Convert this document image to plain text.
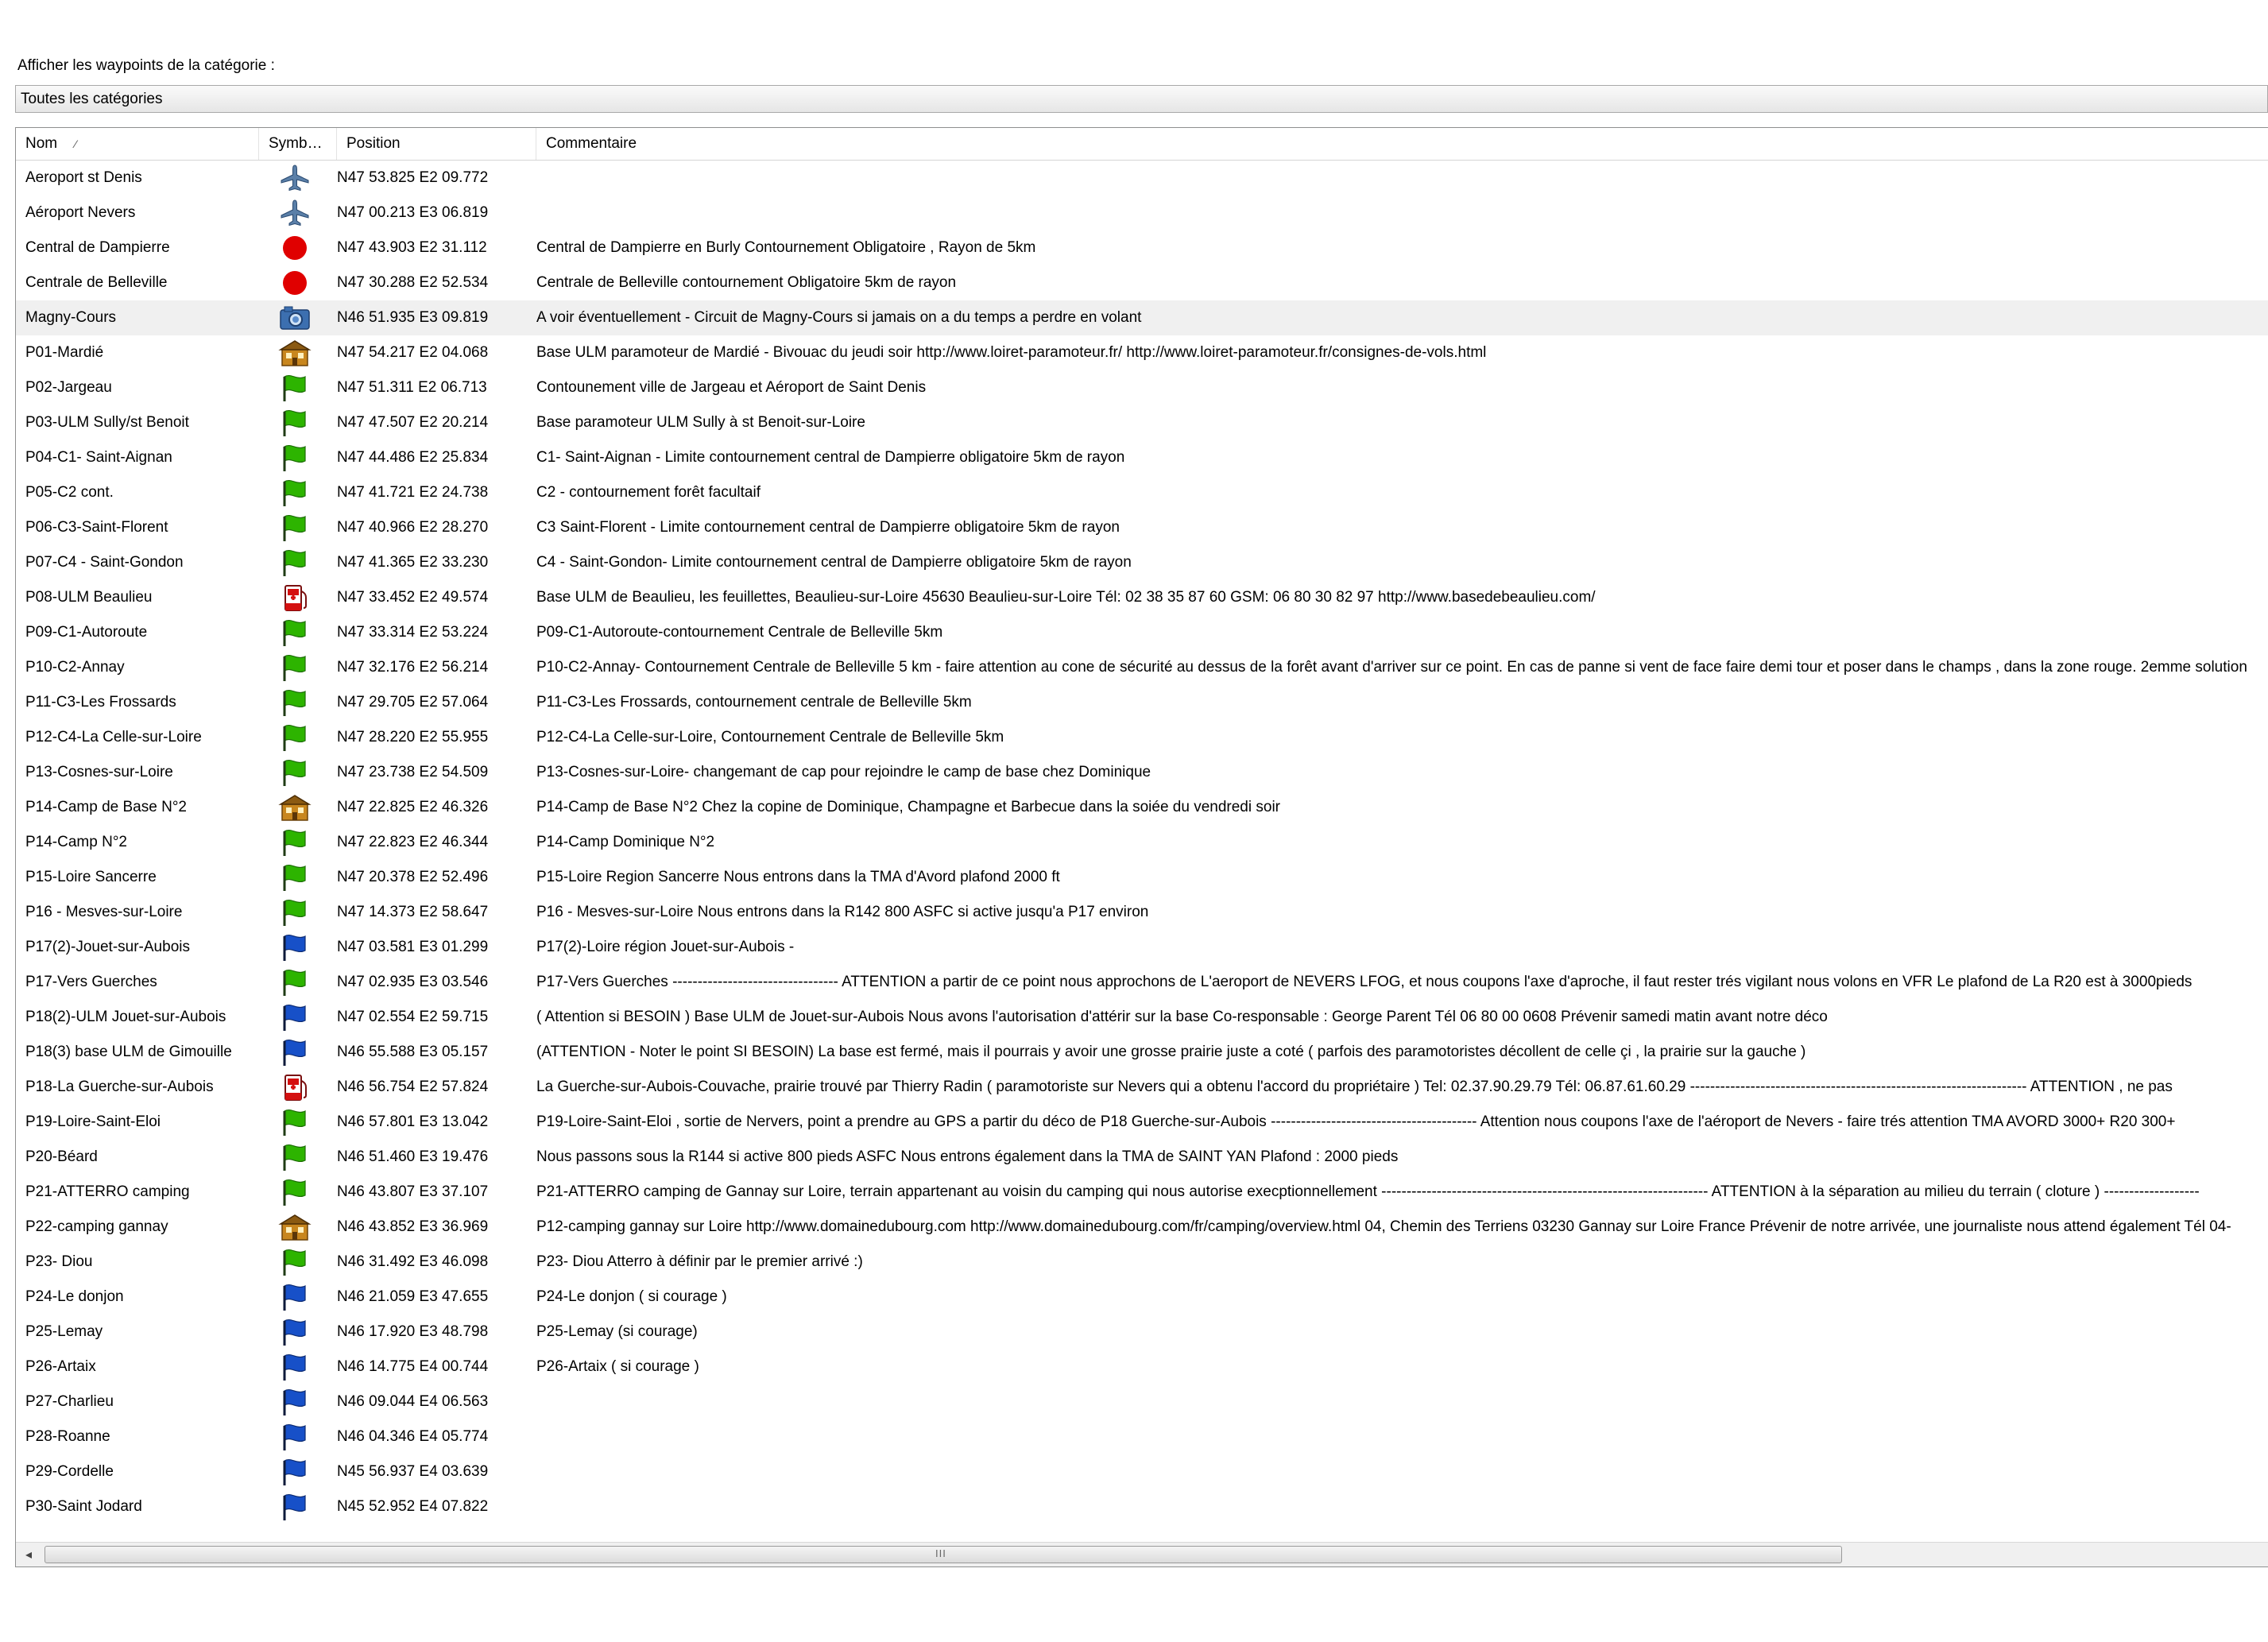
Afficher les waypoints de la catégorie :
Toutes les catégories
Nom ⁄	Symb…	Position	Commentaire
Aeroport st Denis	N47 53.825 E2 09.772
Aéroport Nevers	N47 00.213 E3 06.819
Central de Dampierre	N47 43.903 E2 31.112	Central de Dampierre en Burly Contournement Obligatoire , Rayon de 5km
Centrale de Belleville	N47 30.288 E2 52.534	Centrale de Belleville contournement Obligatoire 5km de rayon
Magny-Cours	N46 51.935 E3 09.819	A voir éventuellement - Circuit de Magny-Cours si jamais on a du temps a perdre en volant
P01-Mardié	N47 54.217 E2 04.068	Base ULM paramoteur de Mardié - Bivouac du jeudi soir http://www.loiret-paramoteur.fr/ http://www.loiret-paramoteur.fr/consignes-de-vols.html
P02-Jargeau	N47 51.311 E2 06.713	Contounement ville de Jargeau et Aéroport de Saint Denis
P03-ULM Sully/st Benoit	N47 47.507 E2 20.214	Base paramoteur ULM Sully à st Benoit-sur-Loire
P04-C1- Saint-Aignan	N47 44.486 E2 25.834	C1- Saint-Aignan - Limite contournement central de Dampierre obligatoire 5km de rayon
P05-C2 cont.	N47 41.721 E2 24.738	C2 - contournement forêt facultaif
P06-C3-Saint-Florent	N47 40.966 E2 28.270	C3 Saint-Florent - Limite contournement central de Dampierre obligatoire 5km de rayon
P07-C4 - Saint-Gondon	N47 41.365 E2 33.230	C4 - Saint-Gondon- Limite contournement central de Dampierre obligatoire 5km de rayon
P08-ULM Beaulieu	N47 33.452 E2 49.574	Base ULM de Beaulieu, les feuillettes, Beaulieu-sur-Loire 45630 Beaulieu-sur-Loire Tél: 02 38 35 87 60 GSM: 06 80 30 82 97 http://www.basedebeaulieu.com/
P09-C1-Autoroute	N47 33.314 E2 53.224	P09-C1-Autoroute-contournement Centrale de Belleville 5km
P10-C2-Annay	N47 32.176 E2 56.214	P10-C2-Annay- Contournement Centrale de Belleville 5 km - faire attention au cone de sécurité au dessus de la forêt avant d'arriver sur ce point. En cas de panne si vent de face faire demi tour et poser dans le champs , dans la zone rouge. 2emme solution
P11-C3-Les Frossards	N47 29.705 E2 57.064	P11-C3-Les Frossards, contournement centrale de Belleville 5km
P12-C4-La Celle-sur-Loire	N47 28.220 E2 55.955	P12-C4-La Celle-sur-Loire, Contournement Centrale de Belleville 5km
P13-Cosnes-sur-Loire	N47 23.738 E2 54.509	P13-Cosnes-sur-Loire- changemant de cap pour rejoindre le camp de base chez Dominique
P14-Camp de Base N°2	N47 22.825 E2 46.326	P14-Camp de Base N°2 Chez la copine de Dominique, Champagne et Barbecue dans la soiée du vendredi soir
P14-Camp N°2	N47 22.823 E2 46.344	P14-Camp Dominique N°2
P15-Loire Sancerre	N47 20.378 E2 52.496	P15-Loire Region Sancerre Nous entrons dans la TMA d'Avord plafond 2000 ft
P16 - Mesves-sur-Loire	N47 14.373 E2 58.647	P16 - Mesves-sur-Loire Nous entrons dans la R142 800 ASFC si active jusqu'a P17 environ
P17(2)-Jouet-sur-Aubois	N47 03.581 E3 01.299	P17(2)-Loire région Jouet-sur-Aubois -
P17-Vers Guerches	N47 02.935 E3 03.546	P17-Vers Guerches --------------------------------- ATTENTION a partir de ce point nous approchons de L'aeroport de NEVERS LFOG, et nous coupons l'axe d'aproche, il faut rester trés vigilant nous volons en VFR Le plafond de La R20 est à 3000pieds
P18(2)-ULM Jouet-sur-Aubois	N47 02.554 E2 59.715	( Attention si BESOIN ) Base ULM de Jouet-sur-Aubois Nous avons l'autorisation d'attérir sur la base Co-responsable : George Parent Tél 06 80 00 0608 Prévenir samedi matin avant notre déco
P18(3) base ULM de Gimouille	N46 55.588 E3 05.157	(ATTENTION - Noter le point SI BESOIN) La base est fermé, mais il pourrais y avoir une grosse prairie juste a coté ( parfois des paramotoristes décollent de celle çi , la prairie sur la gauche )
P18-La Guerche-sur-Aubois	N46 56.754 E2 57.824	La Guerche-sur-Aubois-Couvache, prairie trouvé par Thierry Radin ( paramotoriste sur Nevers qui a obtenu l'accord du propriétaire ) Tel: 02.37.90.29.79 Tél: 06.87.61.60.29 ------------------------------------------------------------------- ATTENTION , ne pas
P19-Loire-Saint-Eloi	N46 57.801 E3 13.042	P19-Loire-Saint-Eloi , sortie de Nervers, point a prendre au GPS a partir du déco de P18 Guerche-sur-Aubois ----------------------------------------- Attention nous coupons l'axe de l'aéroport de Nevers - faire trés attention TMA AVORD 3000+ R20 300+
P20-Béard	N46 51.460 E3 19.476	Nous passons sous la R144 si active 800 pieds ASFC Nous entrons également dans la TMA de SAINT YAN Plafond : 2000 pieds
P21-ATTERRO camping	N46 43.807 E3 37.107	P21-ATTERRO camping de Gannay sur Loire, terrain appartenant au voisin du camping qui nous autorise execptionnellement ----------------------------------------------------------------- ATTENTION à la séparation au milieu du terrain ( cloture ) -------------------
P22-camping gannay	N46 43.852 E3 36.969	P12-camping gannay sur Loire http://www.domainedubourg.com http://www.domainedubourg.com/fr/camping/overview.html 04, Chemin des Terriens 03230 Gannay sur Loire France Prévenir de notre arrivée, une journaliste nous attend également Tél 04-
P23- Diou	N46 31.492 E3 46.098	P23- Diou Atterro à définir par le premier arrivé :)
P24-Le donjon	N46 21.059 E3 47.655	P24-Le donjon ( si courage )
P25-Lemay	N46 17.920 E3 48.798	P25-Lemay (si courage)
P26-Artaix	N46 14.775 E4 00.744	P26-Artaix ( si courage )
P27-Charlieu	N46 09.044 E4 06.563
P28-Roanne	N46 04.346 E4 05.774
P29-Cordelle	N45 56.937 E4 03.639
P30-Saint Jodard	N45 52.952 E4 07.822
◂	III
